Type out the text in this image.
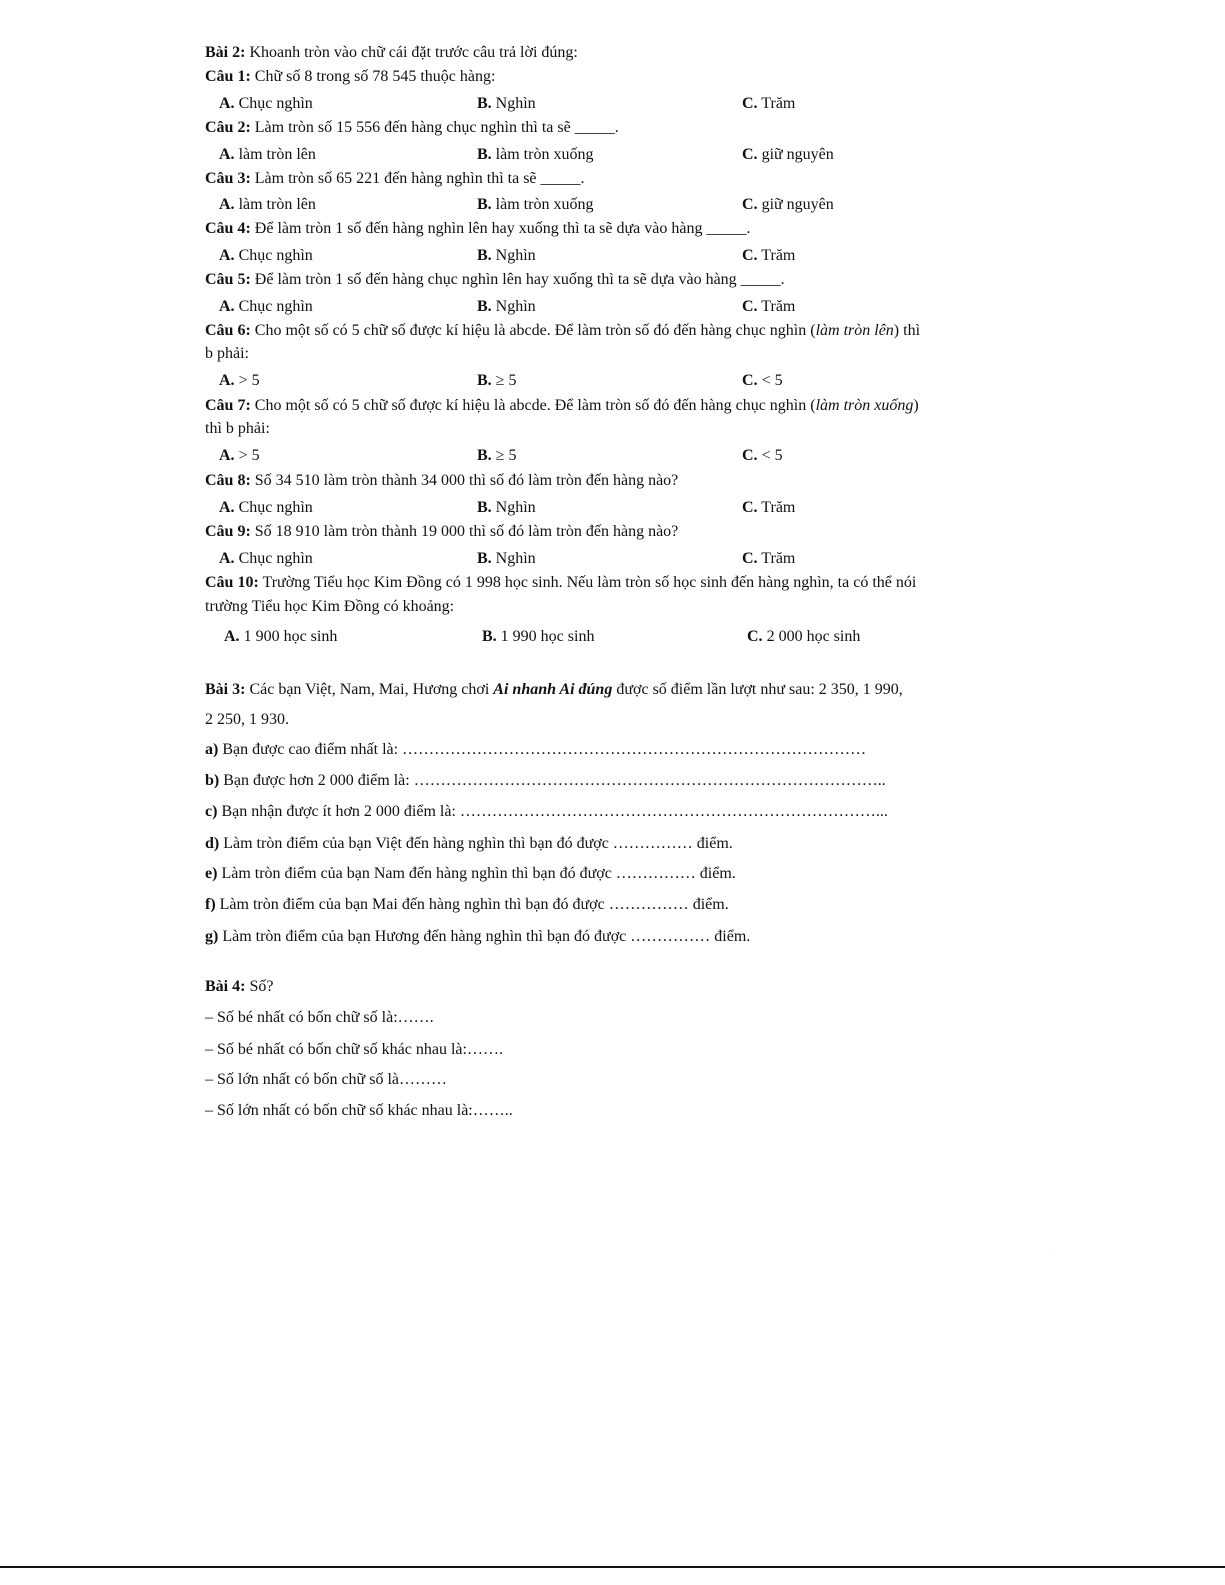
Bài 2: Khoanh tròn vào chữ cái đặt trước câu trả lời đúng:
Câu 1: Chữ số 8 trong số 78 545 thuộc hàng:
A. Chục nghìn	B. Nghìn	C. Trăm
Câu 2: Làm tròn số 15 556 đến hàng chục nghìn thì ta sẽ _____.
A. làm tròn lên	B. làm tròn xuống	C. giữ nguyên
Câu 3: Làm tròn số 65 221 đến hàng nghìn thì ta sẽ _____.
A. làm tròn lên	B. làm tròn xuống	C. giữ nguyên
Câu 4: Để làm tròn 1 số đến hàng nghìn lên hay xuống thì ta sẽ dựa vào hàng _____.
A. Chục nghìn	B. Nghìn	C. Trăm
Câu 5: Để làm tròn 1 số đến hàng chục nghìn lên hay xuống thì ta sẽ dựa vào hàng _____.
A. Chục nghìn	B. Nghìn	C. Trăm
Câu 6: Cho một số có 5 chữ số được kí hiệu là abcde. Để làm tròn số đó đến hàng chục nghìn (làm tròn lên) thì
b phải:
A. > 5	B. ≥ 5	C. < 5
Câu 7: Cho một số có 5 chữ số được kí hiệu là abcde. Để làm tròn số đó đến hàng chục nghìn (làm tròn xuống)
thì b phải:
A. > 5	B. ≥ 5	C. < 5
Câu 8: Số 34 510 làm tròn thành 34 000 thì số đó làm tròn đến hàng nào?
A. Chục nghìn	B. Nghìn	C. Trăm
Câu 9: Số 18 910 làm tròn thành 19 000 thì số đó làm tròn đến hàng nào?
A. Chục nghìn	B. Nghìn	C. Trăm
Câu 10: Trường Tiểu học Kim Đồng có 1 998 học sinh. Nếu làm tròn số học sinh đến hàng nghìn, ta có thể nói
trường Tiểu học Kim Đồng có khoảng:
A. 1 900 học sinh	B. 1 990 học sinh	C. 2 000 học sinh
Bài 3: Các bạn Việt, Nam, Mai, Hương chơi Ai nhanh Ai đúng được số điểm lần lượt như sau: 2 350, 1 990,
2 250, 1 930.
a) Bạn được cao điểm nhất là: ……………………………………………………………………………
b) Bạn được hơn 2 000 điểm là: ……………………………………………………………………………..
c) Bạn nhận được ít hơn 2 000 điểm là: ……………………………………………………………………...
d) Làm tròn điểm của bạn Việt đến hàng nghìn thì bạn đó được …………… điểm.
e) Làm tròn điểm của bạn Nam đến hàng nghìn thì bạn đó được …………… điểm.
f) Làm tròn điểm của bạn Mai đến hàng nghìn thì bạn đó được …………… điểm.
g) Làm tròn điểm của bạn Hương đến hàng nghìn thì bạn đó được …………… điểm.
Bài 4: Số?
– Số bé nhất có bốn chữ số là:…….
– Số bé nhất có bốn chữ số khác nhau là:…….
– Số lớn nhất có bốn chữ số là………
– Số lớn nhất có bốn chữ số khác nhau là:……..
